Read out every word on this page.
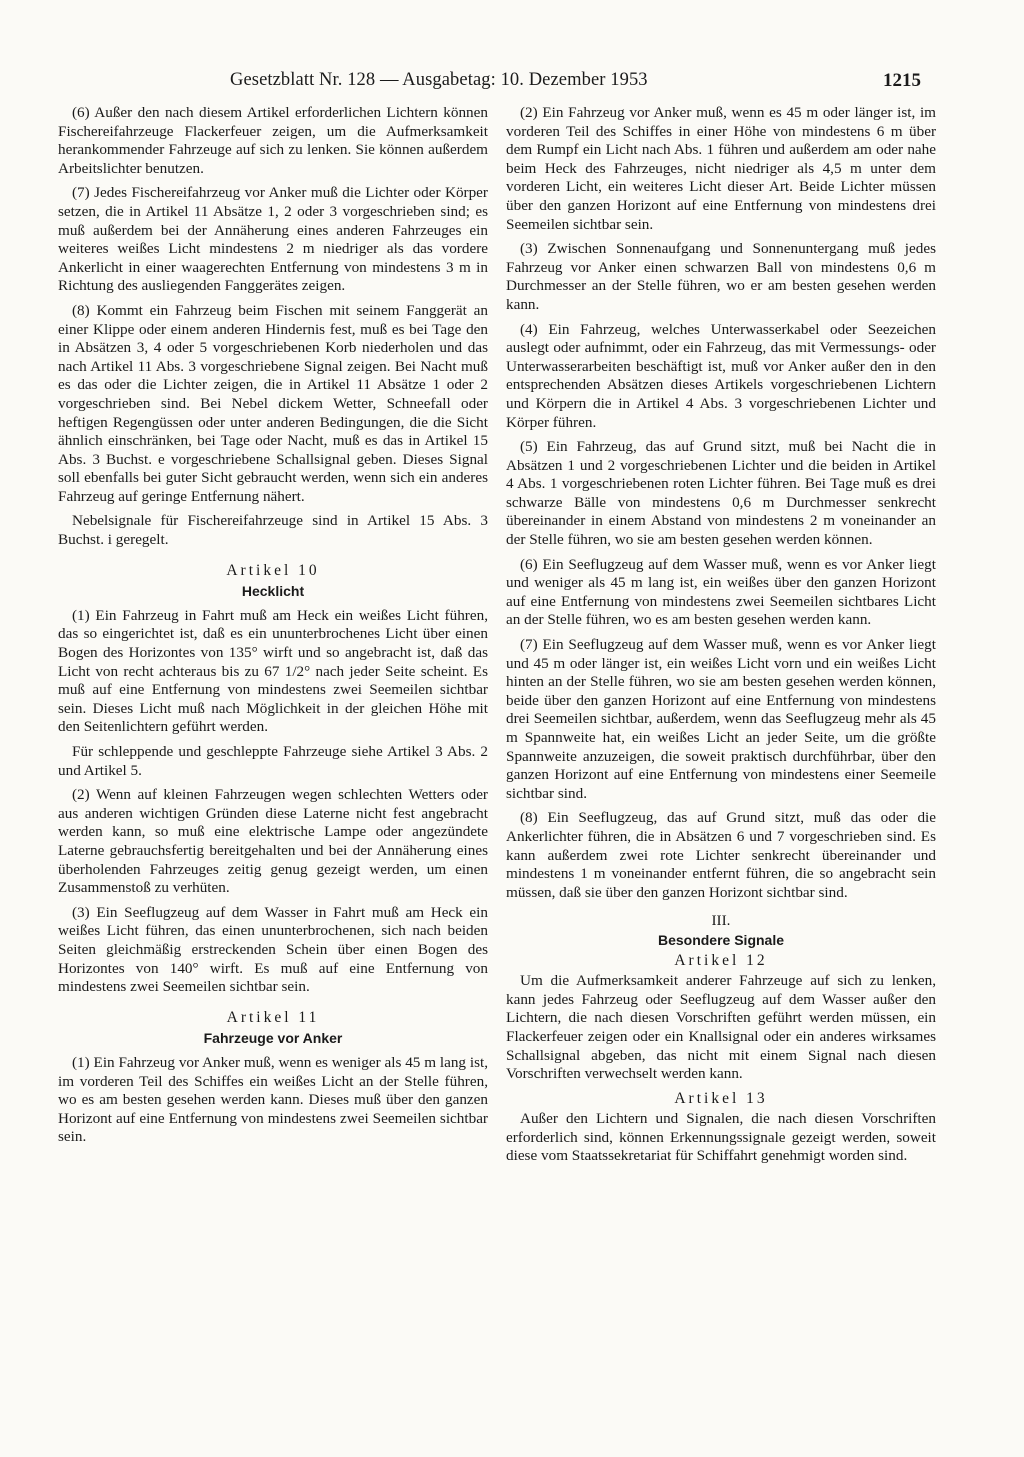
Gesetzblatt Nr. 128 — Ausgabetag: 10. Dezember 1953	1215

(6) Außer den nach diesem Artikel erforderlichen Lichtern können Fischereifahrzeuge Flackerfeuer zeigen, um die Aufmerksamkeit herankommender Fahrzeuge auf sich zu lenken. Sie können außerdem Arbeitslichter benutzen.

(7) Jedes Fischereifahrzeug vor Anker muß die Lichter oder Körper setzen, die in Artikel 11 Absätze 1, 2 oder 3 vorgeschrieben sind; es muß außerdem bei der Annäherung eines anderen Fahrzeuges ein weiteres weißes Licht mindestens 2 m niedriger als das vordere Ankerlicht in einer waagerechten Entfernung von mindestens 3 m in Richtung des ausliegenden Fanggerätes zeigen.

(8) Kommt ein Fahrzeug beim Fischen mit seinem Fanggerät an einer Klippe oder einem anderen Hindernis fest, muß es bei Tage den in Absätzen 3, 4 oder 5 vorgeschriebenen Korb niederholen und das nach Artikel 11 Abs. 3 vorgeschriebene Signal zeigen. Bei Nacht muß es das oder die Lichter zeigen, die in Artikel 11 Absätze 1 oder 2 vorgeschrieben sind. Bei Nebel dickem Wetter, Schneefall oder heftigen Regengüssen oder unter anderen Bedingungen, die die Sicht ähnlich einschränken, bei Tage oder Nacht, muß es das in Artikel 15 Abs. 3 Buchst. e vorgeschriebene Schallsignal geben. Dieses Signal soll ebenfalls bei guter Sicht gebraucht werden, wenn sich ein anderes Fahrzeug auf geringe Entfernung nähert.

Nebelsignale für Fischereifahrzeuge sind in Artikel 15 Abs. 3 Buchst. i geregelt.

Artikel 10
Hecklicht

(1) Ein Fahrzeug in Fahrt muß am Heck ein weißes Licht führen, das so eingerichtet ist, daß es ein ununterbrochenes Licht über einen Bogen des Horizontes von 135° wirft und so angebracht ist, daß das Licht von recht achteraus bis zu 67 1/2° nach jeder Seite scheint. Es muß auf eine Entfernung von mindestens zwei Seemeilen sichtbar sein. Dieses Licht muß nach Möglichkeit in der gleichen Höhe mit den Seitenlichtern geführt werden.

Für schleppende und geschleppte Fahrzeuge siehe Artikel 3 Abs. 2 und Artikel 5.

(2) Wenn auf kleinen Fahrzeugen wegen schlechten Wetters oder aus anderen wichtigen Gründen diese Laterne nicht fest angebracht werden kann, so muß eine elektrische Lampe oder angezündete Laterne gebrauchsfertig bereitgehalten und bei der Annäherung eines überholenden Fahrzeuges zeitig genug gezeigt werden, um einen Zusammenstoß zu verhüten.

(3) Ein Seeflugzeug auf dem Wasser in Fahrt muß am Heck ein weißes Licht führen, das einen ununterbrochenen, sich nach beiden Seiten gleichmäßig erstreckenden Schein über einen Bogen des Horizontes von 140° wirft. Es muß auf eine Entfernung von mindestens zwei Seemeilen sichtbar sein.

Artikel 11
Fahrzeuge vor Anker

(1) Ein Fahrzeug vor Anker muß, wenn es weniger als 45 m lang ist, im vorderen Teil des Schiffes ein weißes Licht an der Stelle führen, wo es am besten gesehen werden kann. Dieses muß über den ganzen Horizont auf eine Entfernung von mindestens zwei Seemeilen sichtbar sein.

(2) Ein Fahrzeug vor Anker muß, wenn es 45 m oder länger ist, im vorderen Teil des Schiffes in einer Höhe von mindestens 6 m über dem Rumpf ein Licht nach Abs. 1 führen und außerdem am oder nahe beim Heck des Fahrzeuges, nicht niedriger als 4,5 m unter dem vorderen Licht, ein weiteres Licht dieser Art. Beide Lichter müssen über den ganzen Horizont auf eine Entfernung von mindestens drei Seemeilen sichtbar sein.

(3) Zwischen Sonnenaufgang und Sonnenuntergang muß jedes Fahrzeug vor Anker einen schwarzen Ball von mindestens 0,6 m Durchmesser an der Stelle führen, wo er am besten gesehen werden kann.

(4) Ein Fahrzeug, welches Unterwasserkabel oder Seezeichen auslegt oder aufnimmt, oder ein Fahrzeug, das mit Vermessungs- oder Unterwasserarbeiten beschäftigt ist, muß vor Anker außer den in den entsprechenden Absätzen dieses Artikels vorgeschriebenen Lichtern und Körpern die in Artikel 4 Abs. 3 vorgeschriebenen Lichter und Körper führen.

(5) Ein Fahrzeug, das auf Grund sitzt, muß bei Nacht die in Absätzen 1 und 2 vorgeschriebenen Lichter und die beiden in Artikel 4 Abs. 1 vorgeschriebenen roten Lichter führen. Bei Tage muß es drei schwarze Bälle von mindestens 0,6 m Durchmesser senkrecht übereinander in einem Abstand von mindestens 2 m voneinander an der Stelle führen, wo sie am besten gesehen werden können.

(6) Ein Seeflugzeug auf dem Wasser muß, wenn es vor Anker liegt und weniger als 45 m lang ist, ein weißes über den ganzen Horizont auf eine Entfernung von mindestens zwei Seemeilen sichtbares Licht an der Stelle führen, wo es am besten gesehen werden kann.

(7) Ein Seeflugzeug auf dem Wasser muß, wenn es vor Anker liegt und 45 m oder länger ist, ein weißes Licht vorn und ein weißes Licht hinten an der Stelle führen, wo sie am besten gesehen werden können, beide über den ganzen Horizont auf eine Entfernung von mindestens drei Seemeilen sichtbar, außerdem, wenn das Seeflugzeug mehr als 45 m Spannweite hat, ein weißes Licht an jeder Seite, um die größte Spannweite anzuzeigen, die soweit praktisch durchführbar, über den ganzen Horizont auf eine Entfernung von mindestens einer Seemeile sichtbar sind.

(8) Ein Seeflugzeug, das auf Grund sitzt, muß das oder die Ankerlichter führen, die in Absätzen 6 und 7 vorgeschrieben sind. Es kann außerdem zwei rote Lichter senkrecht übereinander und mindestens 1 m voneinander entfernt führen, die so angebracht sein müssen, daß sie über den ganzen Horizont sichtbar sind.

III.
Besondere Signale
Artikel 12

Um die Aufmerksamkeit anderer Fahrzeuge auf sich zu lenken, kann jedes Fahrzeug oder Seeflugzeug auf dem Wasser außer den Lichtern, die nach diesen Vorschriften geführt werden müssen, ein Flackerfeuer zeigen oder ein Knallsignal oder ein anderes wirksames Schallsignal abgeben, das nicht mit einem Signal nach diesen Vorschriften verwechselt werden kann.

Artikel 13

Außer den Lichtern und Signalen, die nach diesen Vorschriften erforderlich sind, können Erkennungssignale gezeigt werden, soweit diese vom Staatssekretariat für Schiffahrt genehmigt worden sind.
